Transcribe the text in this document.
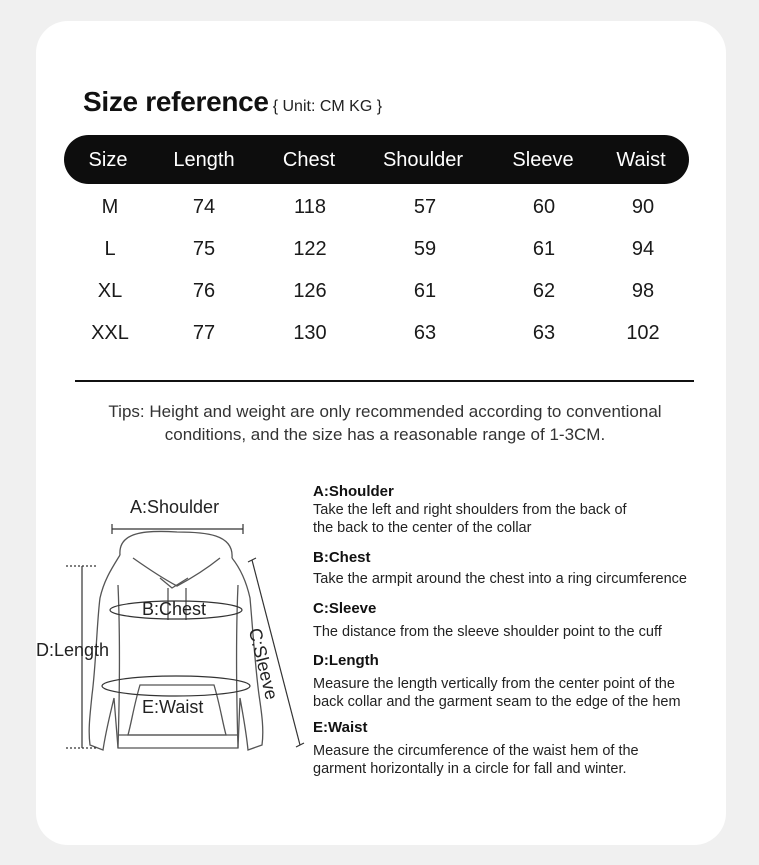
Size reference { Unit: CM KG }
Size Length Chest Shoulder Sleeve Waist
M	74	118	57	60	90
L	75	122	59	61	94
XL	76	126	61	62	98
XXL	77	130	63	63	102
Tips: Height and weight are only recommended according to conventional
conditions, and the size has a reasonable range of 1-3CM.
A:Shoulder
B:Chest
D:Length
E:Waist
C:Sleeve
A:Shoulder
Take the left and right shoulders from the back of
the back to the center of the collar
B:Chest
Take the armpit around the chest into a ring circumference
C:Sleeve
The distance from the sleeve shoulder point to the cuff
D:Length
Measure the length vertically from the center point of the
back collar and the garment seam to the edge of the hem
E:Waist
Measure the circumference of the waist hem of the
garment horizontally in a circle for fall and winter.
